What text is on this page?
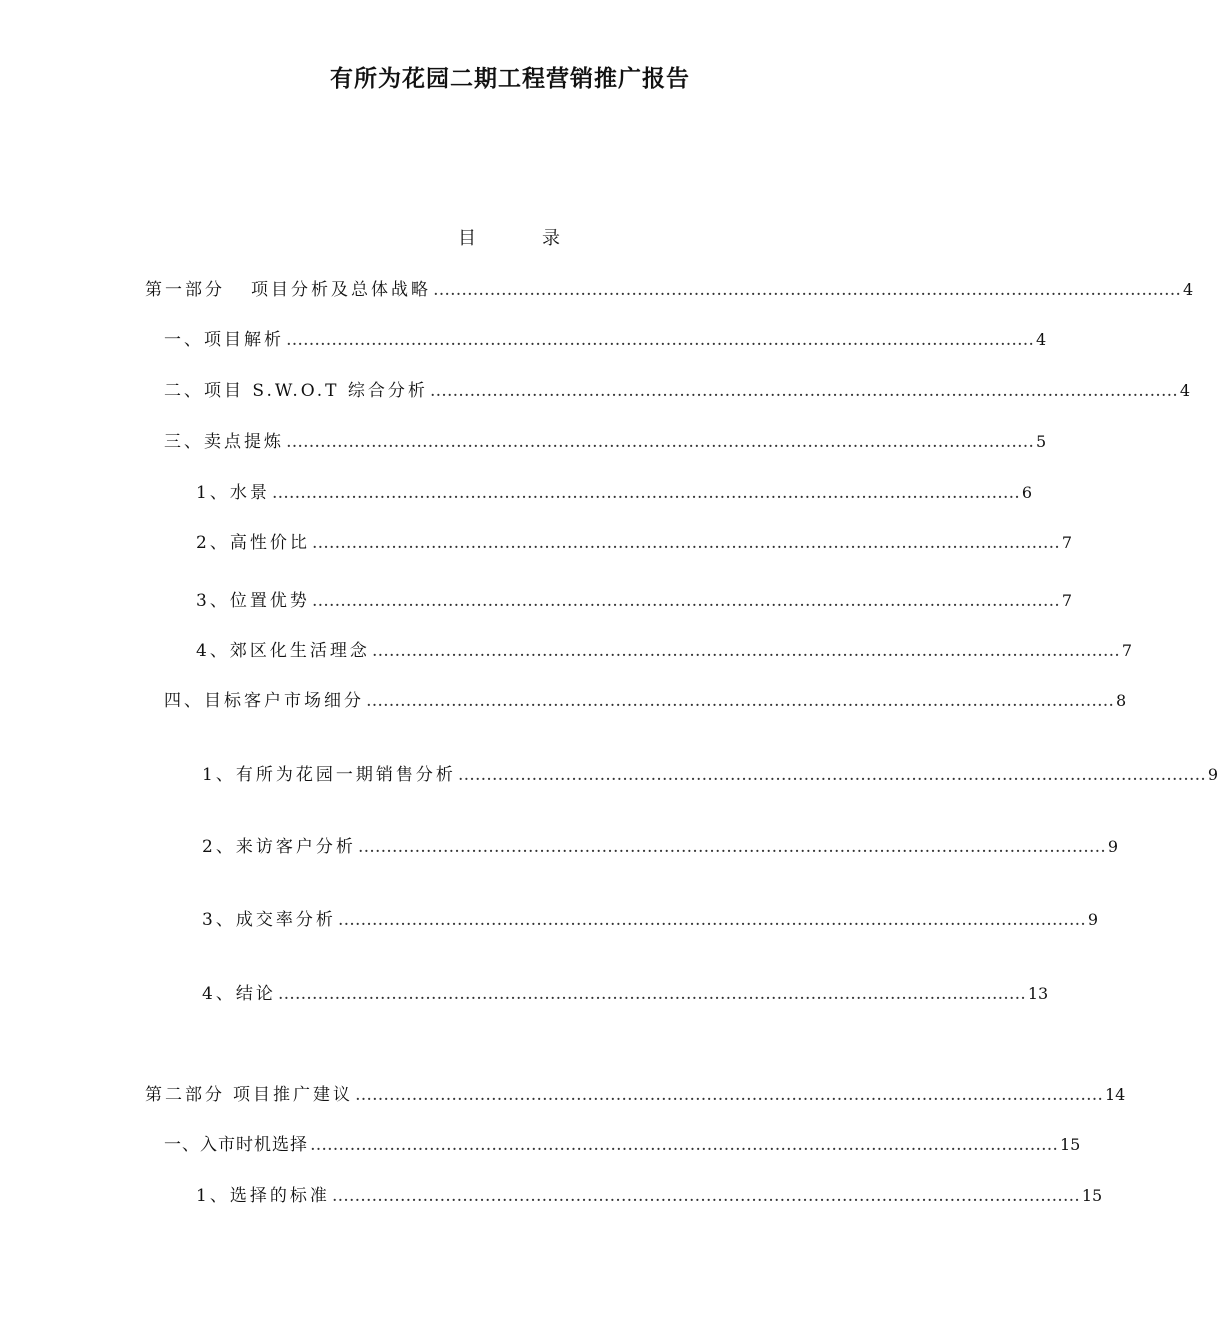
有所为花园二期工程营销推广报告
目	录
第一部分 项目分析及总体战略 …………………………………………………………………………………………………………………… 4
一、项目解析 …………………………………………………………………………………………………………………… 4
二、项目 S.W.O.T 综合分析 …………………………………………………………………………………………………………………… 4
三、卖点提炼 …………………………………………………………………………………………………………………… 5
1、水景 …………………………………………………………………………………………………………………… 6
2、高性价比 …………………………………………………………………………………………………………………… 7
3、位置优势 …………………………………………………………………………………………………………………… 7
4、郊区化生活理念 …………………………………………………………………………………………………………………… 7
四、目标客户市场细分 …………………………………………………………………………………………………………………… 8
1、有所为花园一期销售分析 …………………………………………………………………………………………………………………… 9
2、来访客户分析 …………………………………………………………………………………………………………………… 9
3、成交率分析 …………………………………………………………………………………………………………………… 9
4、结论 …………………………………………………………………………………………………………………… 13
第二部分 项目推广建议 …………………………………………………………………………………………………………………… 14
一、入市时机选择 …………………………………………………………………………………………………………………… 15
1、选择的标准 …………………………………………………………………………………………………………………… 15
